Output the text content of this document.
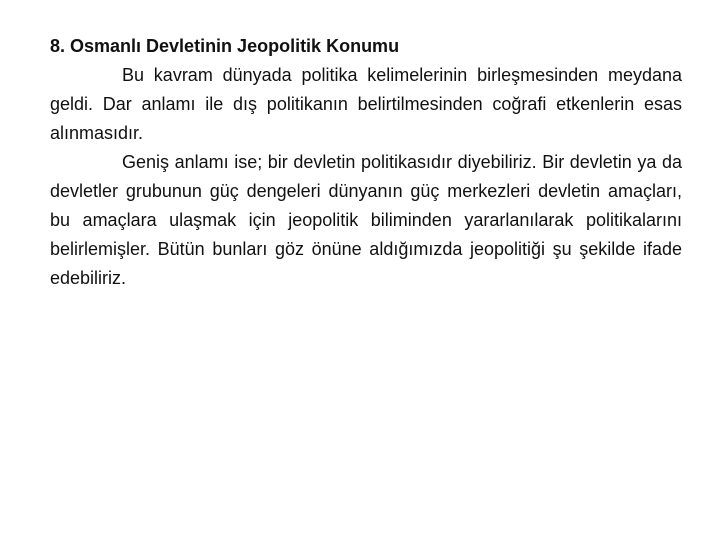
8. Osmanlı Devletinin Jeopolitik Konumu

Bu kavram dünyada politika kelimelerinin birleşmesinden meydana geldi. Dar anlamı ile dış politikanın belirtilmesinden coğrafi etkenlerin esas alınmasıdır.

Geniş anlamı ise; bir devletin politikasıdır diyebiliriz. Bir devletin ya da devletler grubunun güç dengeleri dünyanın güç merkezleri devletin amaçları, bu amaçlara ulaşmak için jeopolitik biliminden yararlanılarak politikalarını belirlemişler. Bütün bunları göz önüne aldığımızda jeopolitiği şu şekilde ifade edebiliriz.
